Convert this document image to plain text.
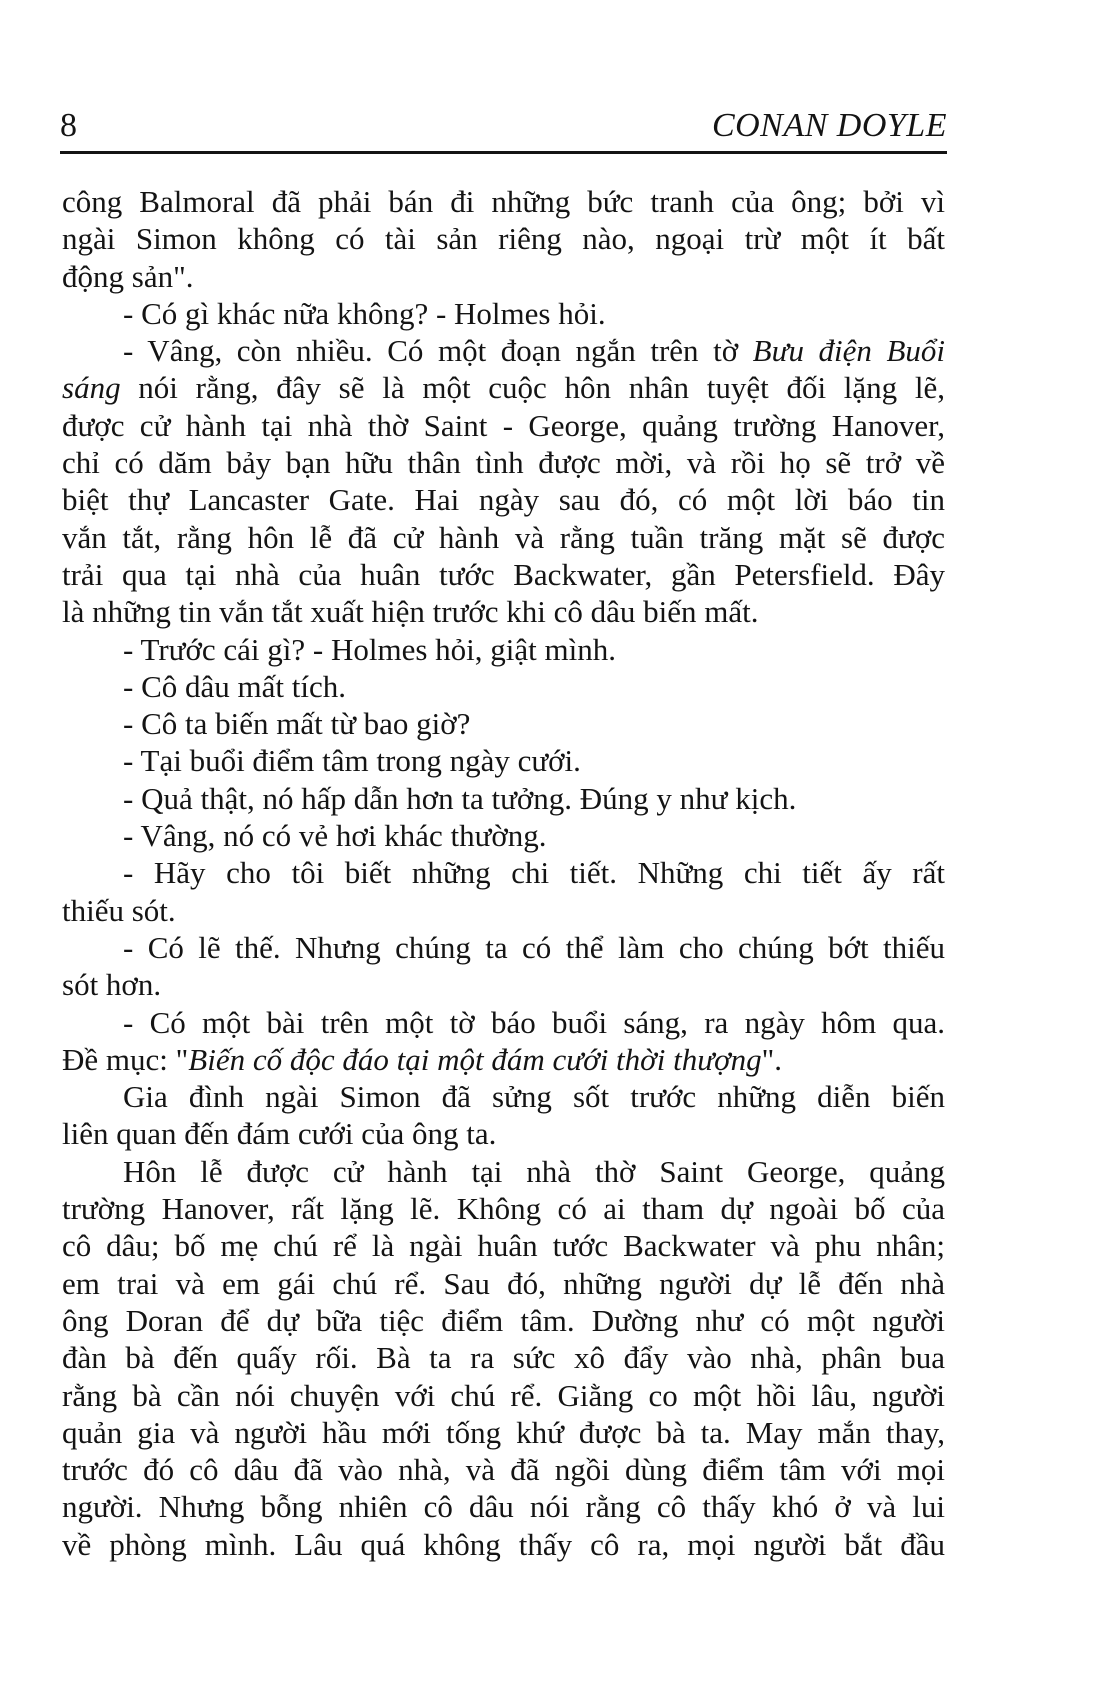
8	CONAN DOYLE
công Balmoral đã phải bán đi những bức tranh của ông; bởi vì
ngài Simon không có tài sản riêng nào, ngoại trừ một ít bất
động sản".
- Có gì khác nữa không? - Holmes hỏi.
- Vâng, còn nhiều. Có một đoạn ngắn trên tờ Bưu điện Buổi
sáng nói rằng, đây sẽ là một cuộc hôn nhân tuyệt đối lặng lẽ,
được cử hành tại nhà thờ Saint - George, quảng trường Hanover,
chỉ có dăm bảy bạn hữu thân tình được mời, và rồi họ sẽ trở về
biệt thự Lancaster Gate. Hai ngày sau đó, có một lời báo tin
vắn tắt, rằng hôn lễ đã cử hành và rằng tuần trăng mặt sẽ được
trải qua tại nhà của huân tước Backwater, gần Petersfield. Đây
là những tin vắn tắt xuất hiện trước khi cô dâu biến mất.
- Trước cái gì? - Holmes hỏi, giật mình.
- Cô dâu mất tích.
- Cô ta biến mất từ bao giờ?
- Tại buổi điểm tâm trong ngày cưới.
- Quả thật, nó hấp dẫn hơn ta tưởng. Đúng y như kịch.
- Vâng, nó có vẻ hơi khác thường.
- Hãy cho tôi biết những chi tiết. Những chi tiết ấy rất
thiếu sót.
- Có lẽ thế. Nhưng chúng ta có thể làm cho chúng bớt thiếu
sót hơn.
- Có một bài trên một tờ báo buổi sáng, ra ngày hôm qua.
Đề mục: "Biến cố độc đáo tại một đám cưới thời thượng".
Gia đình ngài Simon đã sửng sốt trước những diễn biến
liên quan đến đám cưới của ông ta.
Hôn lễ được cử hành tại nhà thờ Saint George, quảng
trường Hanover, rất lặng lẽ. Không có ai tham dự ngoài bố của
cô dâu; bố mẹ chú rể là ngài huân tước Backwater và phu nhân;
em trai và em gái chú rể. Sau đó, những người dự lễ đến nhà
ông Doran để dự bữa tiệc điểm tâm. Dường như có một người
đàn bà đến quấy rối. Bà ta ra sức xô đẩy vào nhà, phân bua
rằng bà cần nói chuyện với chú rể. Giằng co một hồi lâu, người
quản gia và người hầu mới tống khứ được bà ta. May mắn thay,
trước đó cô dâu đã vào nhà, và đã ngồi dùng điểm tâm với mọi
người. Nhưng bỗng nhiên cô dâu nói rằng cô thấy khó ở và lui
về phòng mình. Lâu quá không thấy cô ra, mọi người bắt đầu
